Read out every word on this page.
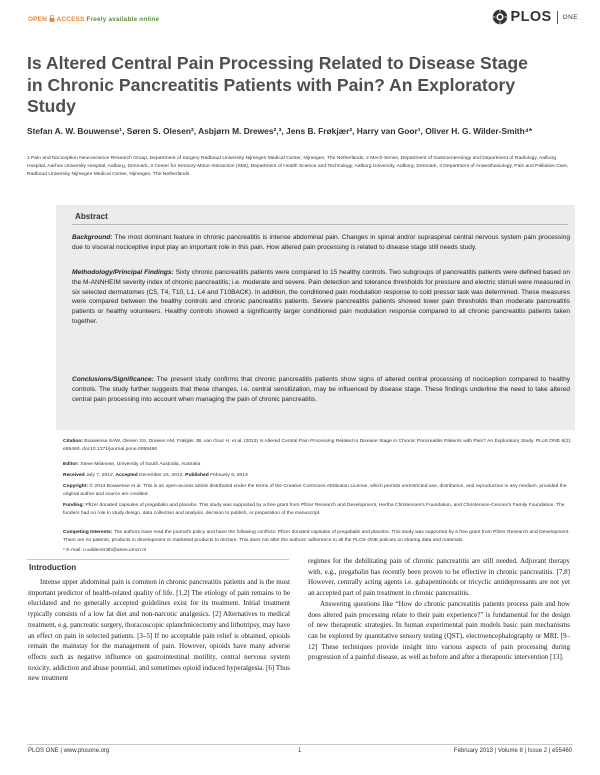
OPEN  ACCESS Freely available online	PLOS ONE
Is Altered Central Pain Processing Related to Disease Stage in Chronic Pancreatitis Patients with Pain? An Exploratory Study
Stefan A. W. Bouwense¹, Søren S. Olesen², Asbjørn M. Drewes²,³, Jens B. Frøkjær², Harry van Goor¹, Oliver H. G. Wilder-Smith⁴*
1 Pain and Nociception Neuroscience Research Group, Department of Surgery Radboud University Nijmegen Medical Center, Nijmegen, The Netherlands, 2 Mech-Sense, Department of Gastroenterology and Department of Radiology, Aalborg Hospital, Aarhus University Hospital, Aalborg, Denmark, 3 Center for Sensory-Motor Interaction (SMI), Department of Health Science and Technology, Aalborg University, Aalborg, Denmark, 4 Department of Anaesthesiology, Pain and Palliative Care, Radboud University Nijmegen Medical Center, Nijmegen, The Netherlands
Abstract

Background: The most dominant feature in chronic pancreatitis is intense abdominal pain. Changes in spinal and/or supraspinal central nervous system pain processing due to visceral nociceptive input play an important role in this pain. How altered pain processing is related to disease stage still needs study.

Methodology/Principal Findings: Sixty chronic pancreatitis patients were compared to 15 healthy controls. Two subgroups of pancreatitis patients were defined based on the M-ANNHEIM severity index of chronic pancreatitis; i.e. moderate and severe. Pain detection and tolerance thresholds for pressure and electric stimuli were measured in six selected dermatomes (C5, T4, T10, L1, L4 and T10BACK). In addition, the conditioned pain modulation response to cold pressor task was determined. These measures were compared between the healthy controls and chronic pancreatitis patients. Severe pancreatitis patients showed lower pain thresholds than moderate pancreatitis patients or healthy volunteers. Healthy controls showed a significantly larger conditioned pain modulation response compared to all chronic pancreatitis patients taken together.

Conclusions/Significance: The present study confirms that chronic pancreatitis patients show signs of altered central processing of nociception compared to healthy controls. The study further suggests that these changes, i.e. central sensitization, may be influenced by disease stage. These findings underline the need to take altered central pain processing into account when managing the pain of chronic pancreatitis.

Citation: Bouwense SAW, Olesen SS, Drewes AM, Frøkjær JB, van Goor H, et al. (2013) Is Altered Central Pain Processing Related to Disease Stage in Chronic Pancreatitis Patients with Pain? An Exploratory Study. PLoS ONE 8(2): e55460. doi:10.1371/journal.pone.0055460

Editor: Steve Milanese, University of South Australia, Australia

Received July 7, 2012; Accepted December 24, 2012; Published February 6, 2013

Copyright: © 2013 Bouwense et al. This is an open-access article distributed under the terms of the Creative Commons Attribution License, which permits unrestricted use, distribution, and reproduction in any medium, provided the original author and source are credited.

Funding: Pfizer donated capsules of pregabalin and placebo. This study was supported by a free grant from Pfizer Research and Development, Hertha Christensen's Foundation, and Christenson-Cesons's Family Foundation. The funders had no role in study design, data collection and analysis, decision to publish, or preparation of the manuscript.

Competing Interests: The authors have read the journal's policy and have the following conflicts: Pfizer donated capsules of pregabalin and placebo. This study was supported by a free grant from Pfizer Research and Development. There are no patents, products in development or marketed products to declare. This does not alter the authors' adherence to all the PLOS ONE policies on sharing data and materials.

* E-mail: o.wildersmith@anes.umcn.nl

Introduction

Intense upper abdominal pain is common in chronic pancreatitis patients and is the most important predictor of health-related quality of life. [1,2] The etiology of pain remains to be elucidated and no generally accepted guidelines exist for its treatment. Initial treatment typically consists of a low fat diet and non-narcotic analgesics. [2] Alternatives to medical treatment, e.g. pancreatic surgery, thoracoscopic splanchnicectomy and lithotripsy, may have an effect on pain in selected patients. [3–5] If no acceptable pain relief is obtained, opioids remain the mainstay for the management of pain. However, opioids have many adverse effects such as negative influence on gastrointestinal motility, central nervous system toxicity, addiction and abuse potential, and sometimes opioid induced hyperalgesia. [6] Thus new treatment

regimes for the debilitating pain of chronic pancreatitis are still needed. Adjuvant therapy with, e.g., pregabalin has recently been proven to be effective in chronic pancreatitis. [7,8] However, centrally acting agents i.e. gabapentinoids or tricyclic antidepressants are not yet an accepted part of pain treatment in chronic pancreatitis.

Answering questions like “How do chronic pancreatitis patients process pain and how does altered pain processing relate to their pain experience?” is fundamental for the design of new therapeutic strategies. In human experimental pain models basic pain mechanisms can be explored by quantitative sensory testing (QST), electroencephalography or MRI. [9–12] These techniques provide insight into various aspects of pain processing during progression of a painful disease, as well as before and after a therapeutic intervention [13].

PLOS ONE | www.plosone.org	1	February 2013 | Volume 8 | Issue 2 | e55460
